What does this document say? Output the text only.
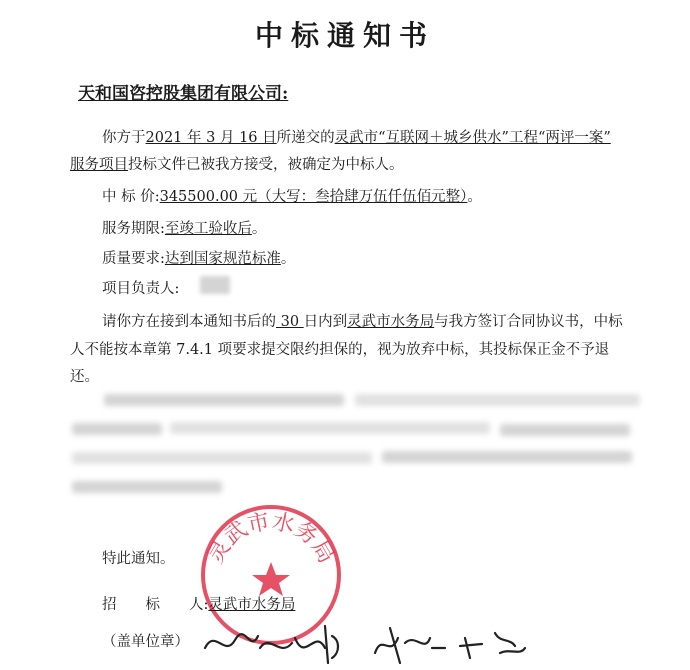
中标通知书
天和国咨控股集团有限公司:
你方于2021 年 3 月 16 日所递交的灵武市“互联网＋城乡供水”工程“两评一案”
服务项目投标文件已被我方接受，被确定为中标人。
中 标 价:345500.00 元（大写：叁拾肆万伍仟伍佰元整）。
服务期限:至竣工验收后。
质量要求:达到国家规范标准。
项目负责人:
请你方在接到本通知书后的 30 日内到灵武市水务局与我方签订合同协议书，中标
人不能按本章第 7.4.1 项要求提交限约担保的，视为放弃中标，其投标保正金不予退
还。
特此通知。 灵武市水务局
招　　标　　人:灵武市水务局
（盖单位章）
